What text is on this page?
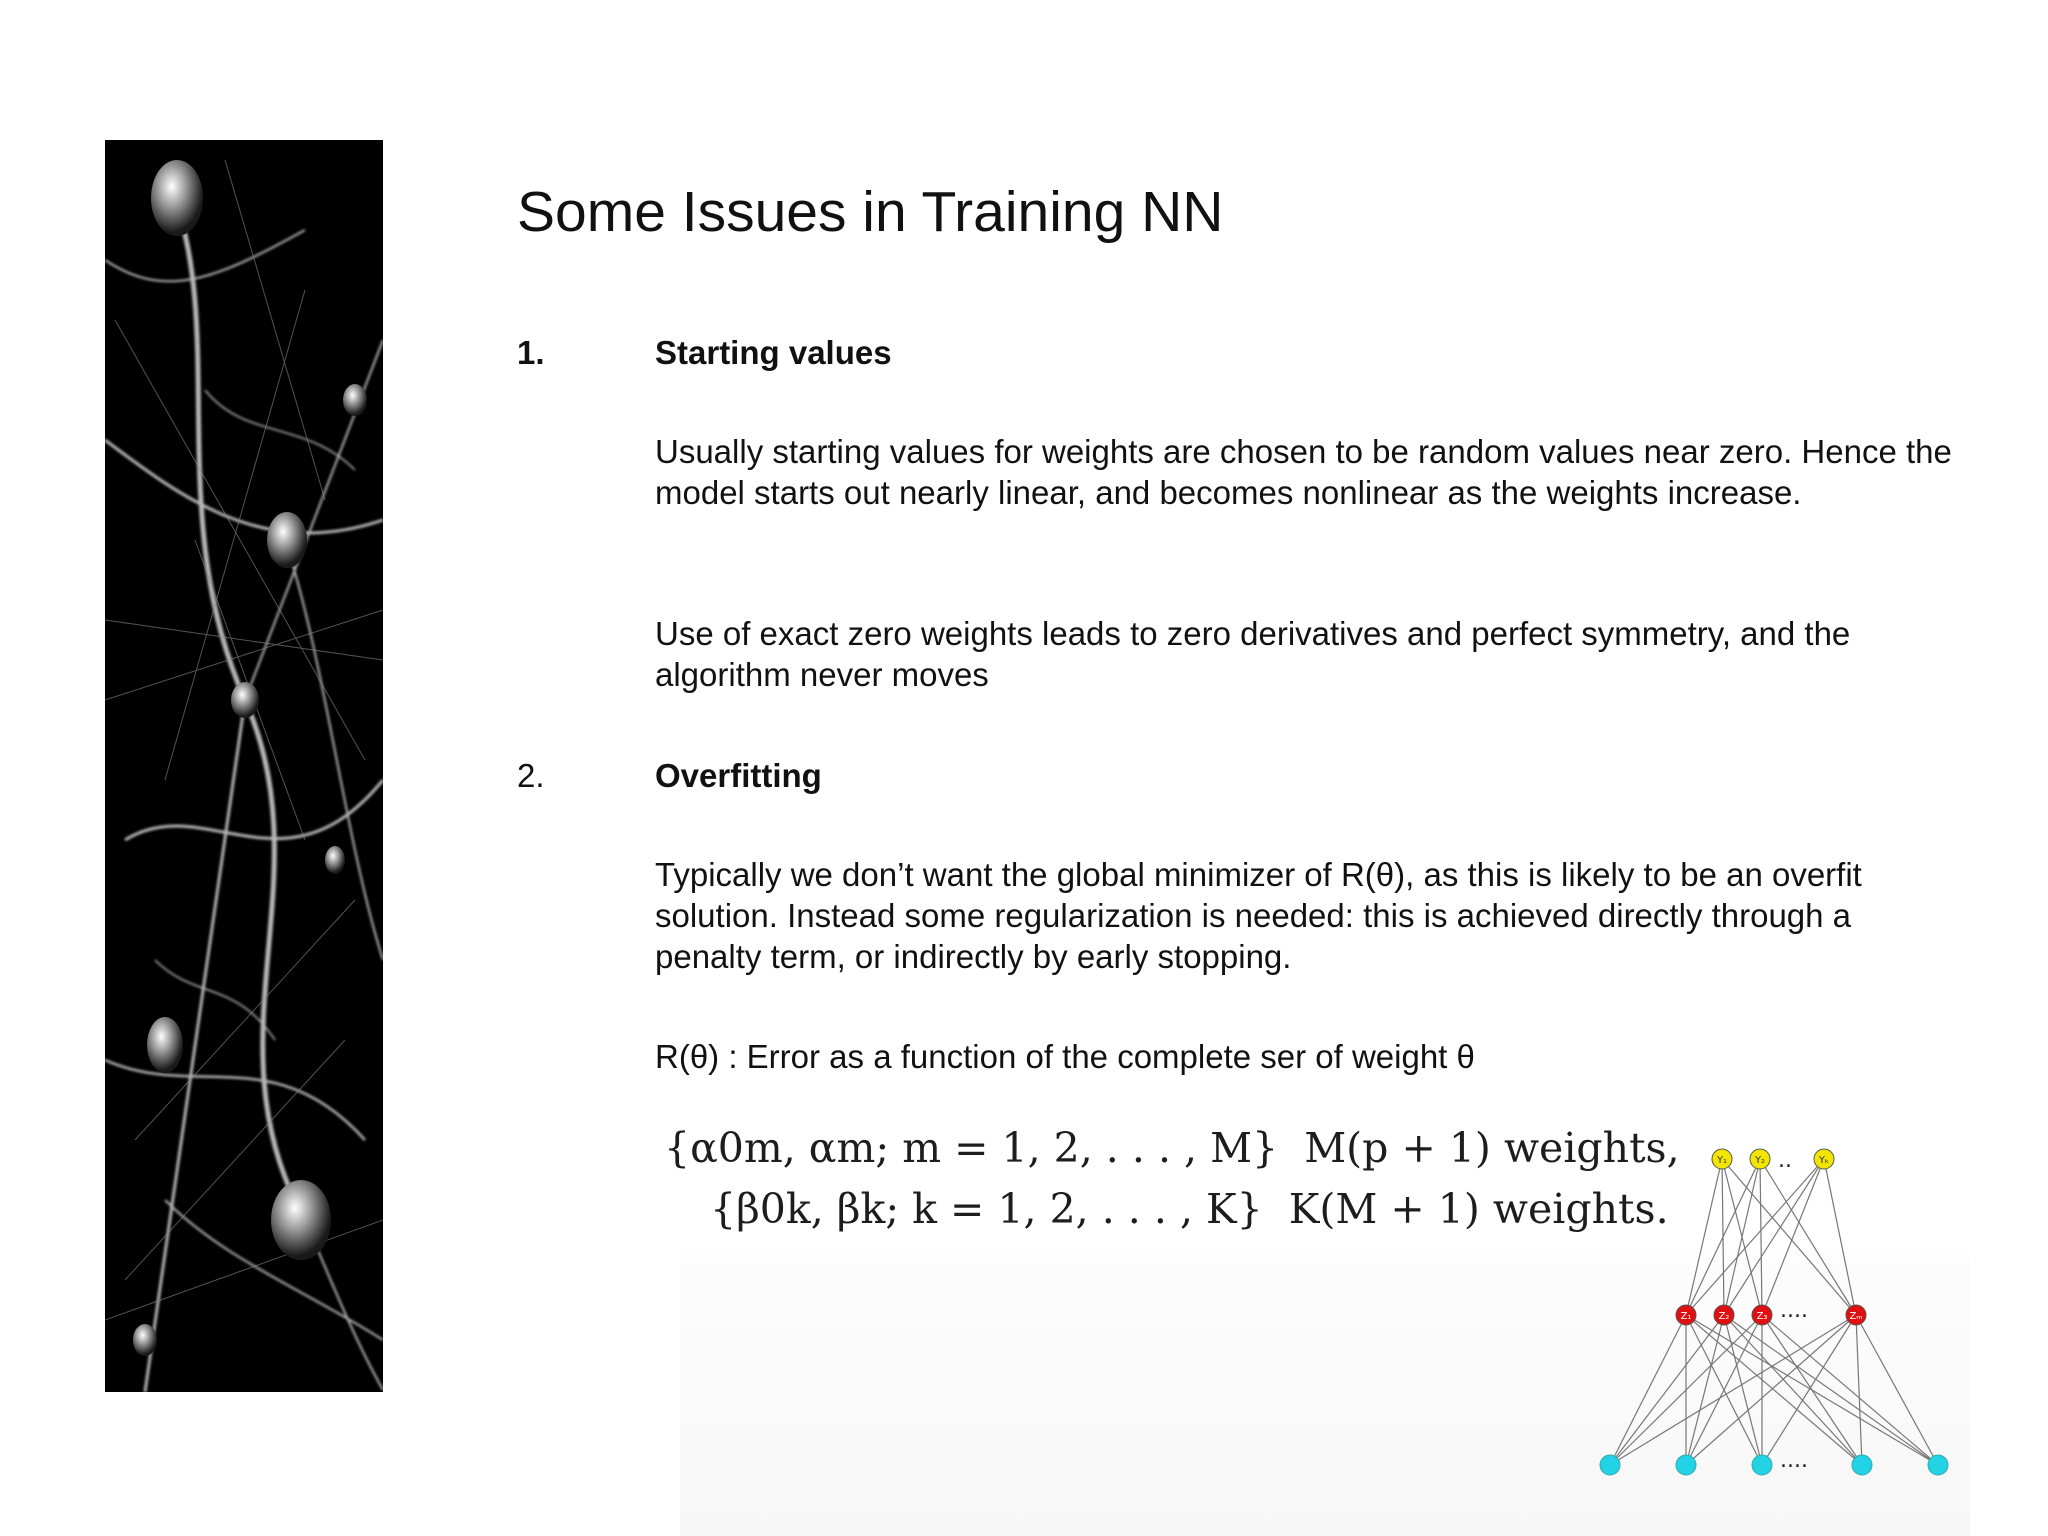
Some Issues in Training NN
1.	Starting values

Usually starting values for weights are chosen to be random values near zero. Hence the model starts out nearly linear, and becomes nonlinear as the weights increase.

Use of exact zero weights leads to zero derivatives and perfect symmetry, and the algorithm never moves

2.	Overfitting

Typically we don’t want the global minimizer of R(θ), as this is likely to be an overfit solution. Instead some regularization is needed: this is achieved directly through a penalty term, or indirectly by early stopping.

R(θ) : Error as a function of the complete ser of weight θ

{α0m, αm; m = 1, 2, . . . , M}  M(p + 1) weights,
{β0k, βk; k = 1, 2, . . . , K}  K(M + 1) weights.
Y₁	Y₂	Yₖ
Z₁	Z₂	Z₃	Zₘ
..
....
....
